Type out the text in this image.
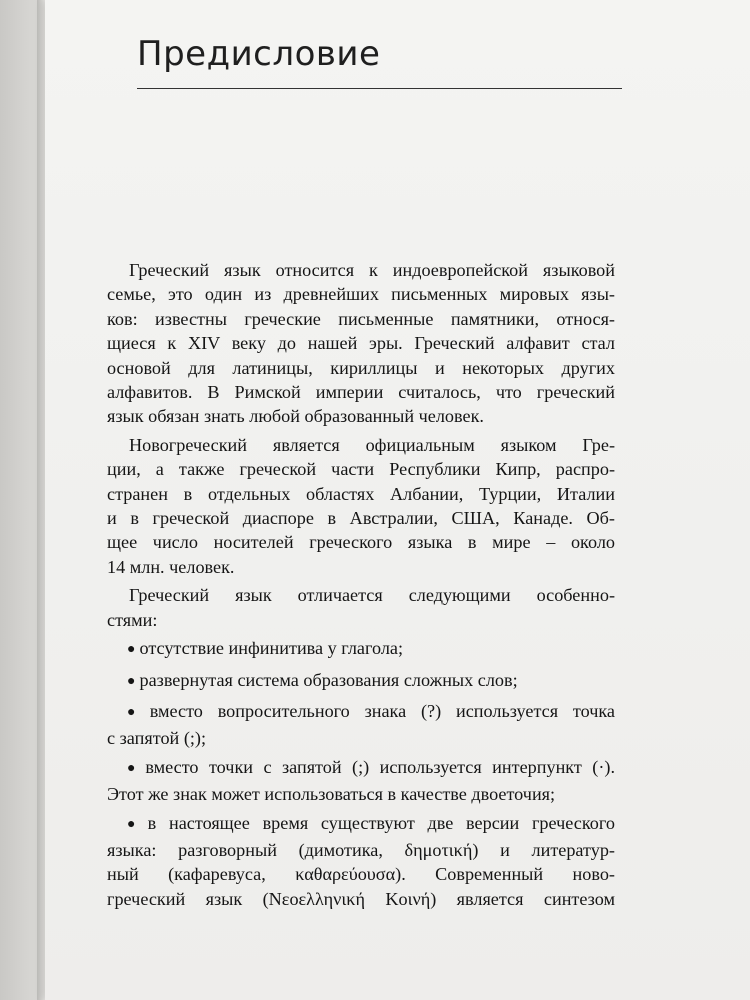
Предисловие
Греческий язык относится к индоевропейской языковой
семье, это один из древнейших письменных мировых язы-
ков: известны греческие письменные памятники, относя-
щиеся к XIV веку до нашей эры. Греческий алфавит стал
основой для латиницы, кириллицы и некоторых других
алфавитов. В Римской империи считалось, что греческий
язык обязан знать любой образованный человек.
Новогреческий является официальным языком Гре-
ции, а также греческой части Республики Кипр, распро-
странен в отдельных областях Албании, Турции, Италии
и в греческой диаспоре в Австралии, США, Канаде. Об-
щее число носителей греческого языка в мире – около
14 млн. человек.
Греческий язык отличается следующими особенно-
стями:
● отсутствие инфинитива у глагола;
● развернутая система образования сложных слов;
● вместо вопросительного знака (?) используется точка
с запятой (;);
● вместо точки с запятой (;) используется интерпункт (·).
Этот же знак может использоваться в качестве двоеточия;
● в настоящее время существуют две версии греческого
языка: разговорный (димотика, δημοτική) и литератур-
ный (кафаревуса, καθαρεύουσα). Современный ново-
греческий язык (Νεοελληνική Κοινή) является синтезом
